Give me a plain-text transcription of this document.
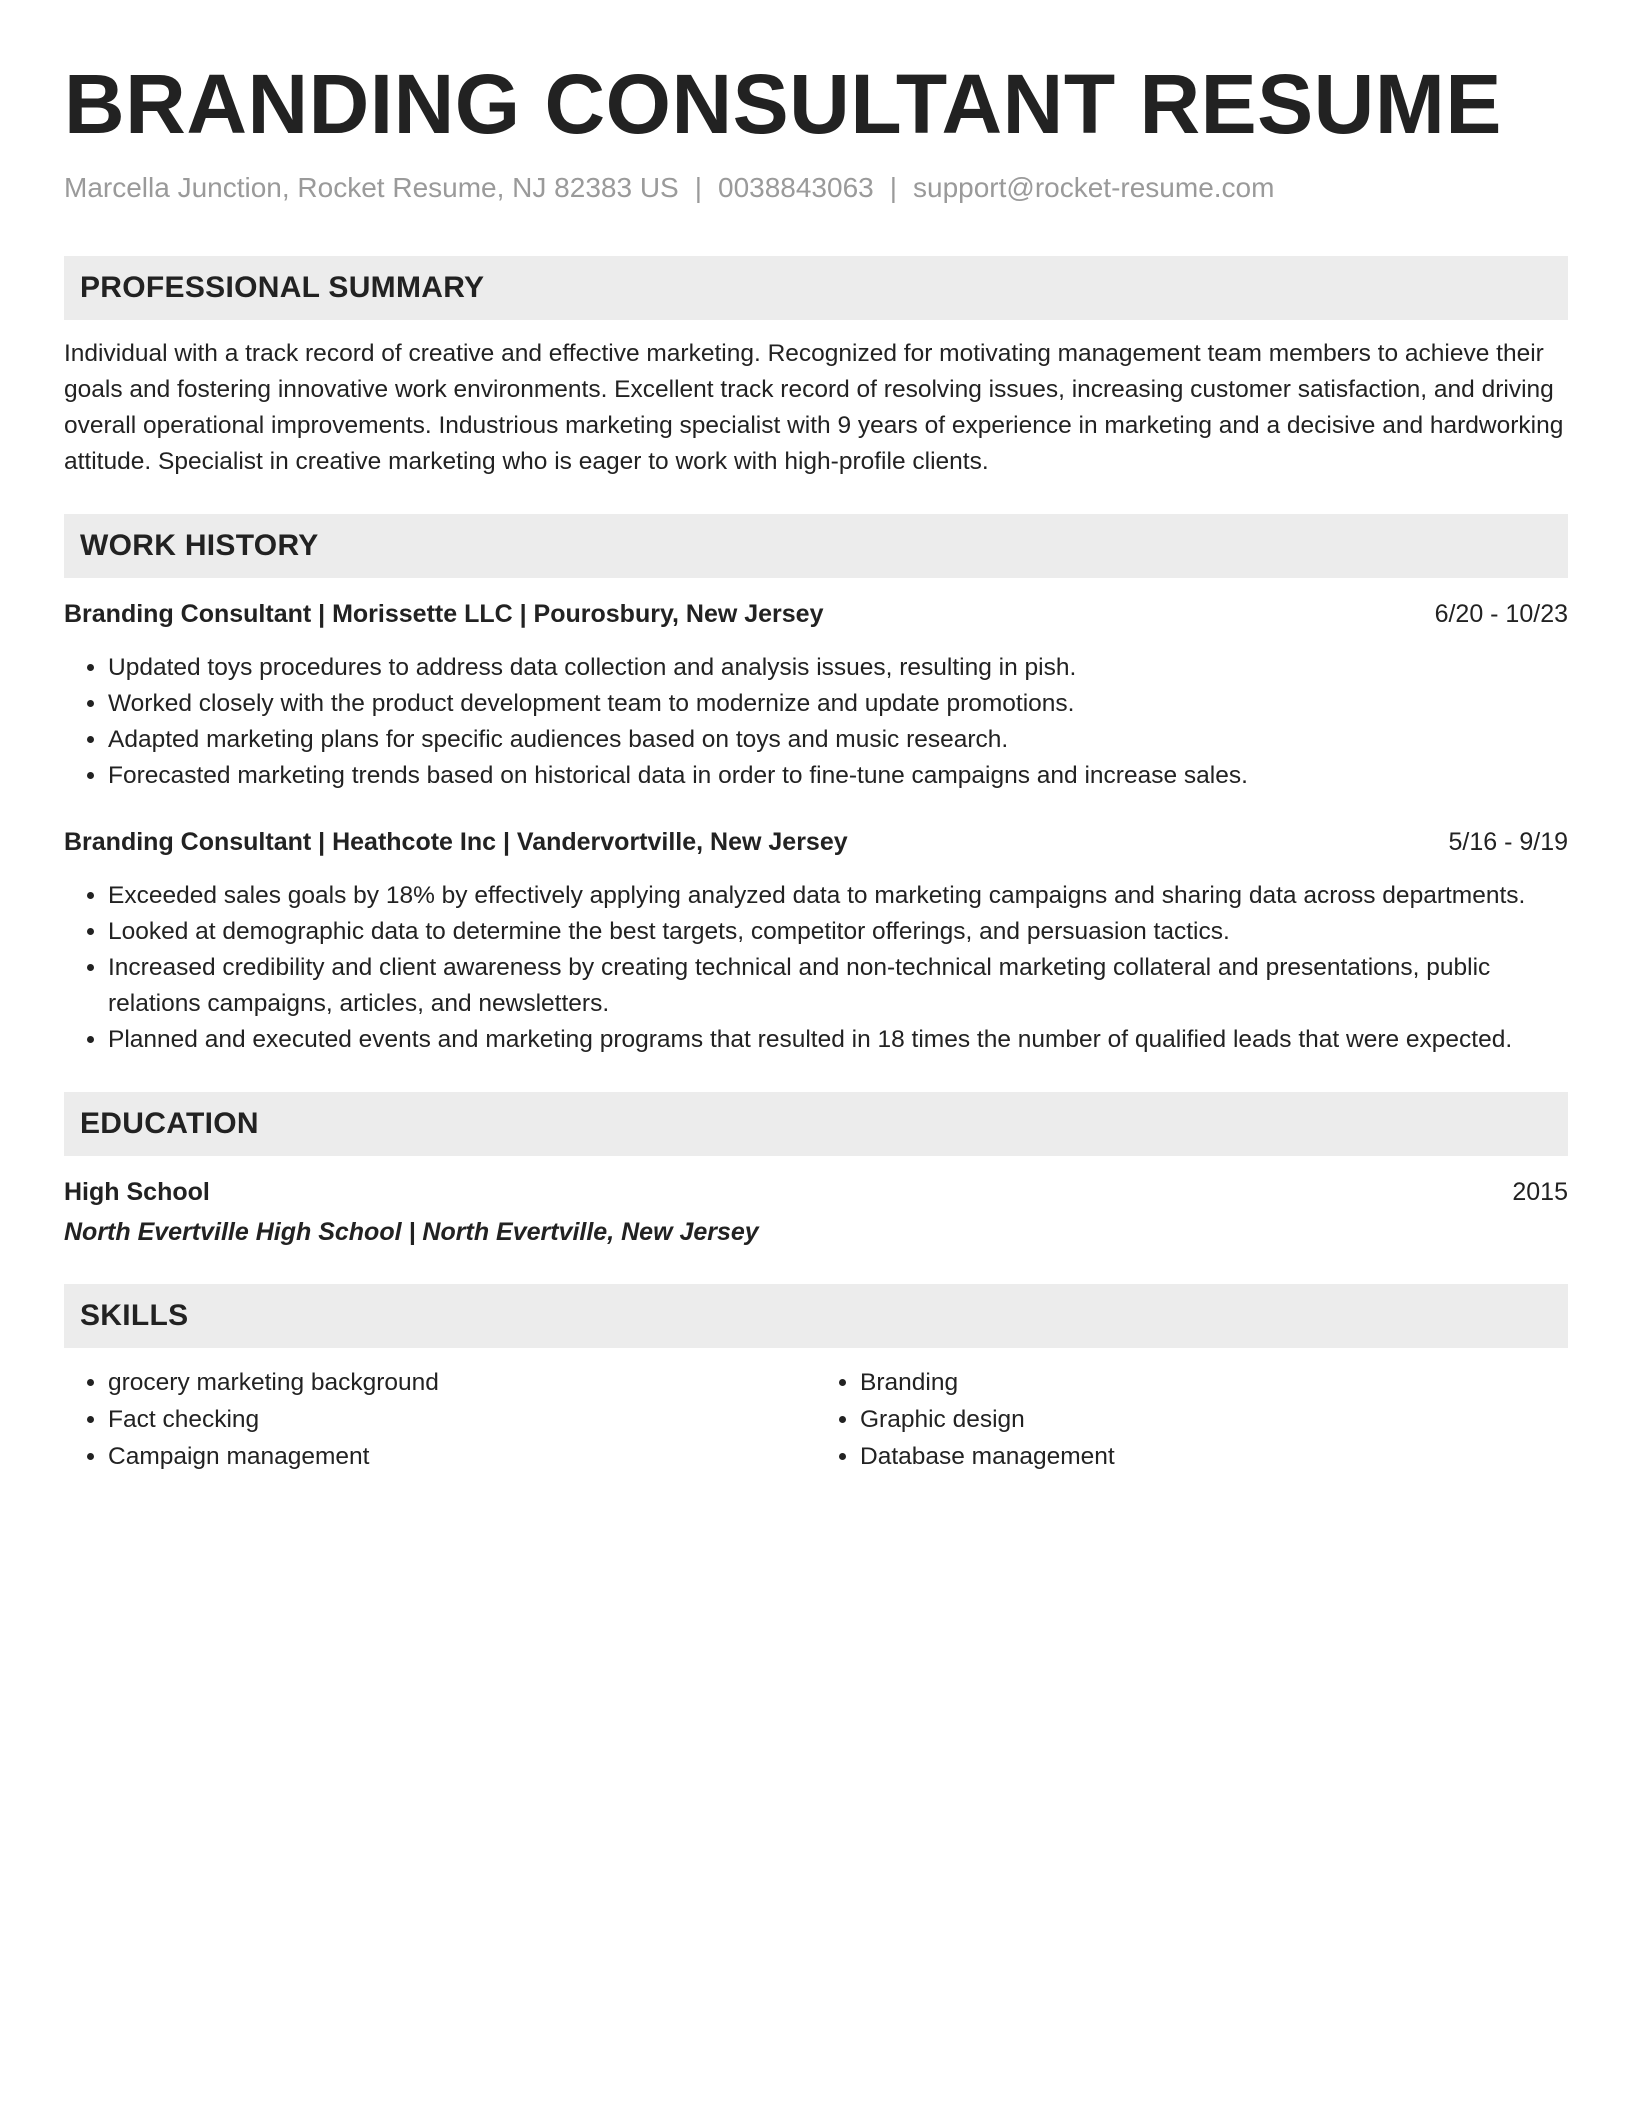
BRANDING CONSULTANT RESUME
Marcella Junction, Rocket Resume, NJ 82383 US | 0038843063 | support@rocket-resume.com
PROFESSIONAL SUMMARY
Individual with a track record of creative and effective marketing. Recognized for motivating management team members to achieve their goals and fostering innovative work environments. Excellent track record of resolving issues, increasing customer satisfaction, and driving overall operational improvements. Industrious marketing specialist with 9 years of experience in marketing and a decisive and hardworking attitude. Specialist in creative marketing who is eager to work with high-profile clients.
WORK HISTORY
Branding Consultant | Morissette LLC | Pourosbury, New Jersey	6/20 - 10/23
• Updated toys procedures to address data collection and analysis issues, resulting in pish.
• Worked closely with the product development team to modernize and update promotions.
• Adapted marketing plans for specific audiences based on toys and music research.
• Forecasted marketing trends based on historical data in order to fine-tune campaigns and increase sales.
Branding Consultant | Heathcote Inc | Vandervortville, New Jersey	5/16 - 9/19
• Exceeded sales goals by 18% by effectively applying analyzed data to marketing campaigns and sharing data across departments.
• Looked at demographic data to determine the best targets, competitor offerings, and persuasion tactics.
• Increased credibility and client awareness by creating technical and non-technical marketing collateral and presentations, public relations campaigns, articles, and newsletters.
• Planned and executed events and marketing programs that resulted in 18 times the number of qualified leads that were expected.
EDUCATION
High School	2015
North Evertville High School | North Evertville, New Jersey
SKILLS
• grocery marketing background
• Fact checking
• Campaign management
• Branding
• Graphic design
• Database management
